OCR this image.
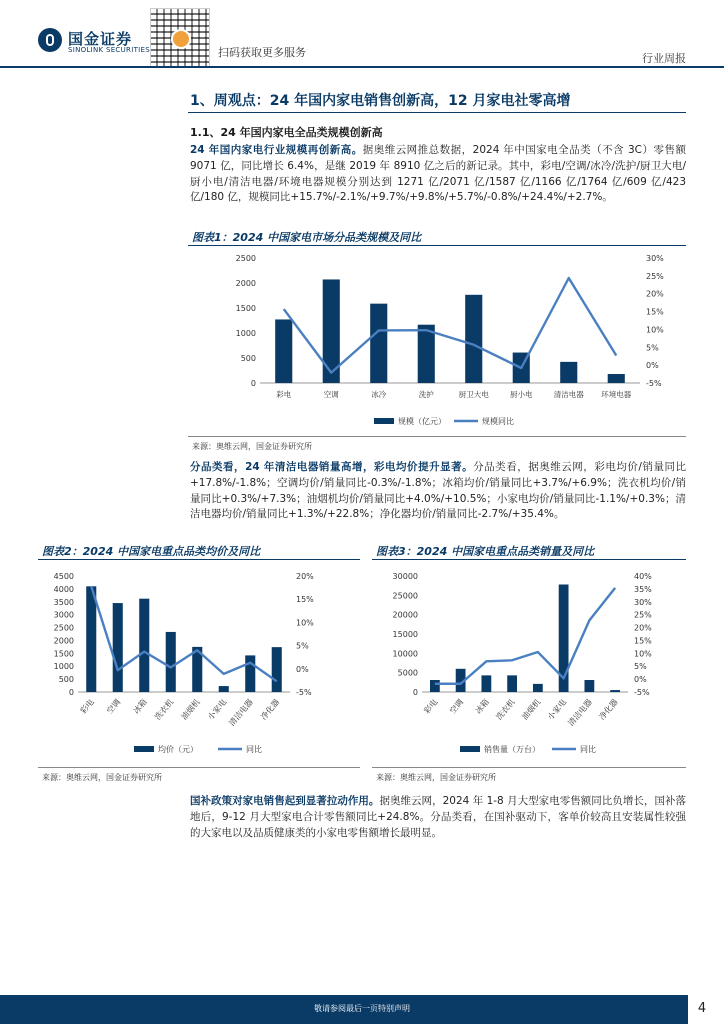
国金证券
SINOLINK SECURITIES	扫码获取更多服务	行业周报
1、周观点：24 年国内家电销售创新高，12 月家电社零高增
1.1、24 年国内家电全品类规模创新高
24 年国内家电行业规模再创新高。据奥维云网推总数据，2024 年中国家电全品类（不含 3C）零售额 9071 亿，同比增长 6.4%，是继 2019 年 8910 亿之后的新记录。其中，彩电/空调/冰冷/洗护/厨卫大电/厨小电/清洁电器/环境电器规模分别达到 1271 亿/2071 亿/1587 亿/1166 亿/1764 亿/609 亿/423 亿/180 亿，规模同比+15.7%/-2.1%/+9.7%/+9.8%/+5.7%/-0.8%/+24.4%/+2.7%。
图表1：2024 中国家电市场分品类规模及同比
0
500
1000
1500
2000
2500
-5%
0%
5%
10%
15%
20%
25%
30%
彩电	空调	冰冷	洗护	厨卫大电	厨小电	清洁电器 环境电器
规模（亿元）	规模同比
来源：奥维云网，国金证券研究所
分品类看，24 年清洁电器销量高增，彩电均价提升显著。分品类看，据奥维云网，彩电均价/销量同比+17.8%/-1.8%；空调均价/销量同比-0.3%/-1.8%；冰箱均价/销量同比+3.7%/+6.9%；洗衣机均价/销量同比+0.3%/+7.3%；油烟机均价/销量同比+4.0%/+10.5%；小家电均价/销量同比-1.1%/+0.3%；清洁电器均价/销量同比+1.3%/+22.8%；净化器均价/销量同比-2.7%/+35.4%。
图表2：2024 中国家电重点品类均价及同比
0
500
1000
1500
2000
2500
3000
3500
4000
4500
-5%
0%
5%
10%
15%
20%
彩电 空调 冰箱 洗衣机 油烟机 小家电 清洁电器 净化器
均价（元）	同比
来源：奥维云网，国金证券研究所
图表3：2024 中国家电重点品类销量及同比
0
5000
10000
15000
20000
25000
30000
-5%
0%
5%
10%
15%
20%
25%
30%
35%
40%
彩电 空调 冰箱 洗衣机 油烟机 小家电
清洁电器 净化器
销售量（万台）	同比
来源：奥维云网，国金证券研究所
国补政策对家电销售起到显著拉动作用。据奥维云网，2024 年 1-8 月大型家电零售额同比负增长，国补落地后，9-12 月大型家电合计零售额同比+24.8%。分品类看，在国补驱动下，客单价较高且安装属性较强的大家电以及品质健康类的小家电零售额增长最明显。
敬请参阅最后一页特别声明	4
